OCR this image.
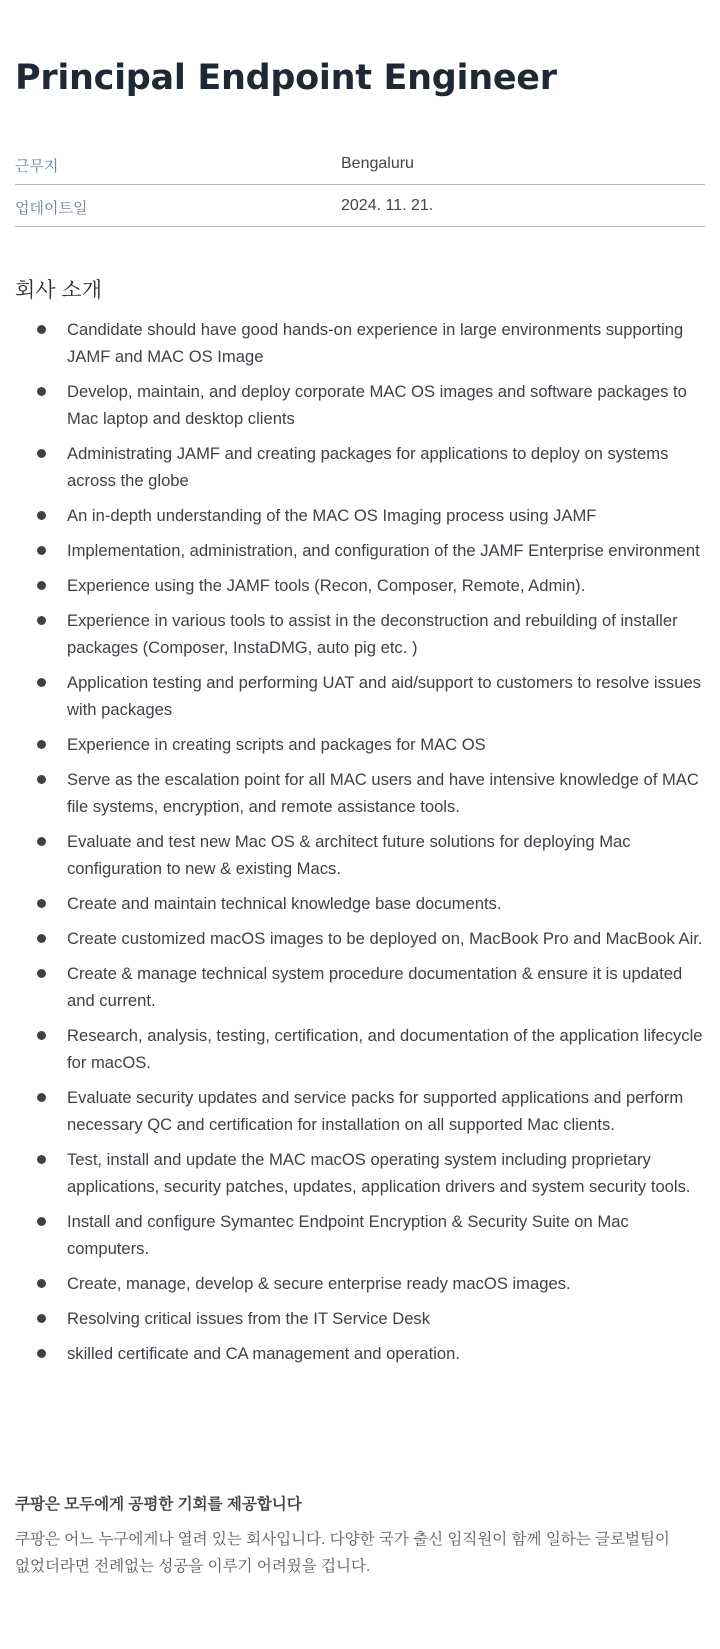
Principal Endpoint Engineer
근무지	Bengaluru
업데이트일	2024. 11. 21.
회사 소개
Candidate should have good hands-on experience in large environments supporting JAMF and MAC OS Image
Develop, maintain, and deploy corporate MAC OS images and software packages to Mac laptop and desktop clients
Administrating JAMF and creating packages for applications to deploy on systems across the globe
An in-depth understanding of the MAC OS Imaging process using JAMF
Implementation, administration, and configuration of the JAMF Enterprise environment
Experience using the JAMF tools (Recon, Composer, Remote, Admin).
Experience in various tools to assist in the deconstruction and rebuilding of installer packages (Composer, InstaDMG, auto pig etc. )
Application testing and performing UAT and aid/support to customers to resolve issues with packages
Experience in creating scripts and packages for MAC OS
Serve as the escalation point for all MAC users and have intensive knowledge of MAC file systems, encryption, and remote assistance tools.
Evaluate and test new Mac OS & architect future solutions for deploying Mac configuration to new & existing Macs.
Create and maintain technical knowledge base documents.
Create customized macOS images to be deployed on, MacBook Pro and MacBook Air.
Create & manage technical system procedure documentation & ensure it is updated and current.
Research, analysis, testing, certification, and documentation of the application lifecycle for macOS.
Evaluate security updates and service packs for supported applications and perform necessary QC and certification for installation on all supported Mac clients.
Test, install and update the MAC macOS operating system including proprietary applications, security patches, updates, application drivers and system security tools.
Install and configure Symantec Endpoint Encryption & Security Suite on Mac computers.
Create, manage, develop & secure enterprise ready macOS images.
Resolving critical issues from the IT Service Desk
skilled certificate and CA management and operation.
쿠팡은 모두에게 공평한 기회를 제공합니다

쿠팡은 어느 누구에게나 열려 있는 회사입니다. 다양한 국가 출신 임직원이 함께 일하는 글로벌팀이 없었더라면 전례없는 성공을 이루기 어려웠을 겁니다.
